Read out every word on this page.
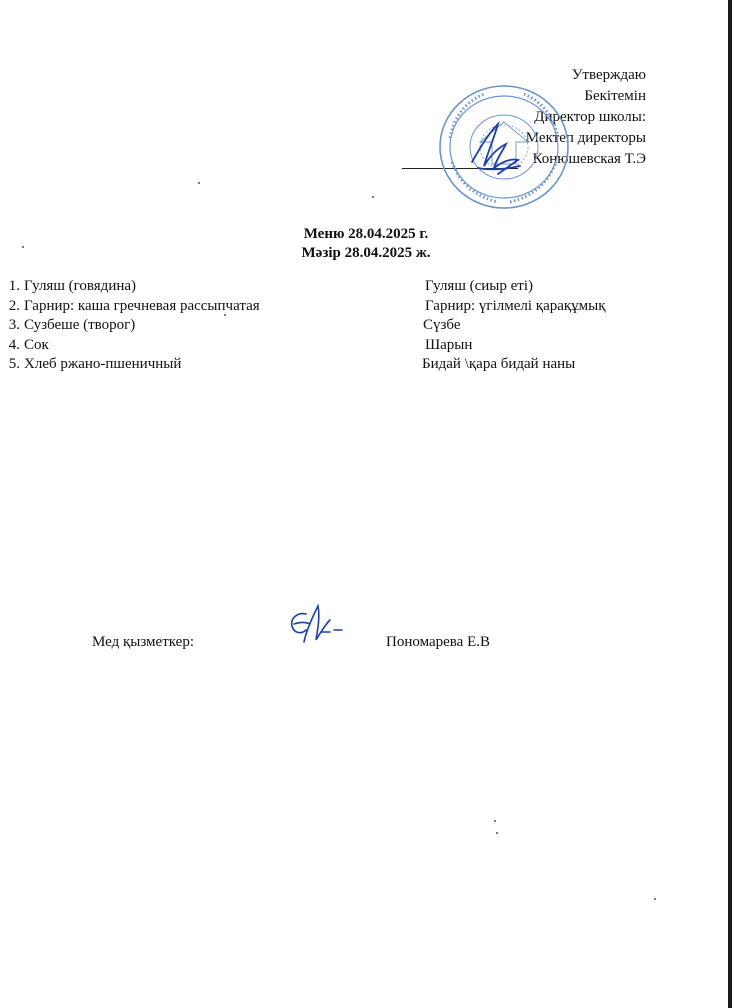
Утверждаю
Бекітемін
Директор школы:
Мектеп директоры
Конюшевская Т.Э
Меню 28.04.2025 г.
Мәзір 28.04.2025 ж.
1. Гуляш (говядина)
2. Гарнир: каша гречневая рассыпчатая
3. Сузбеше (творог)
4. Сок
5. Хлеб ржано-пшеничный
Гуляш (сиыр еті)
Гарнир: үгілмелі қарақұмық
Сүзбе
Шарын
Бидай \қара бидай наны
Мед қызметкер:	Пономарева Е.В
